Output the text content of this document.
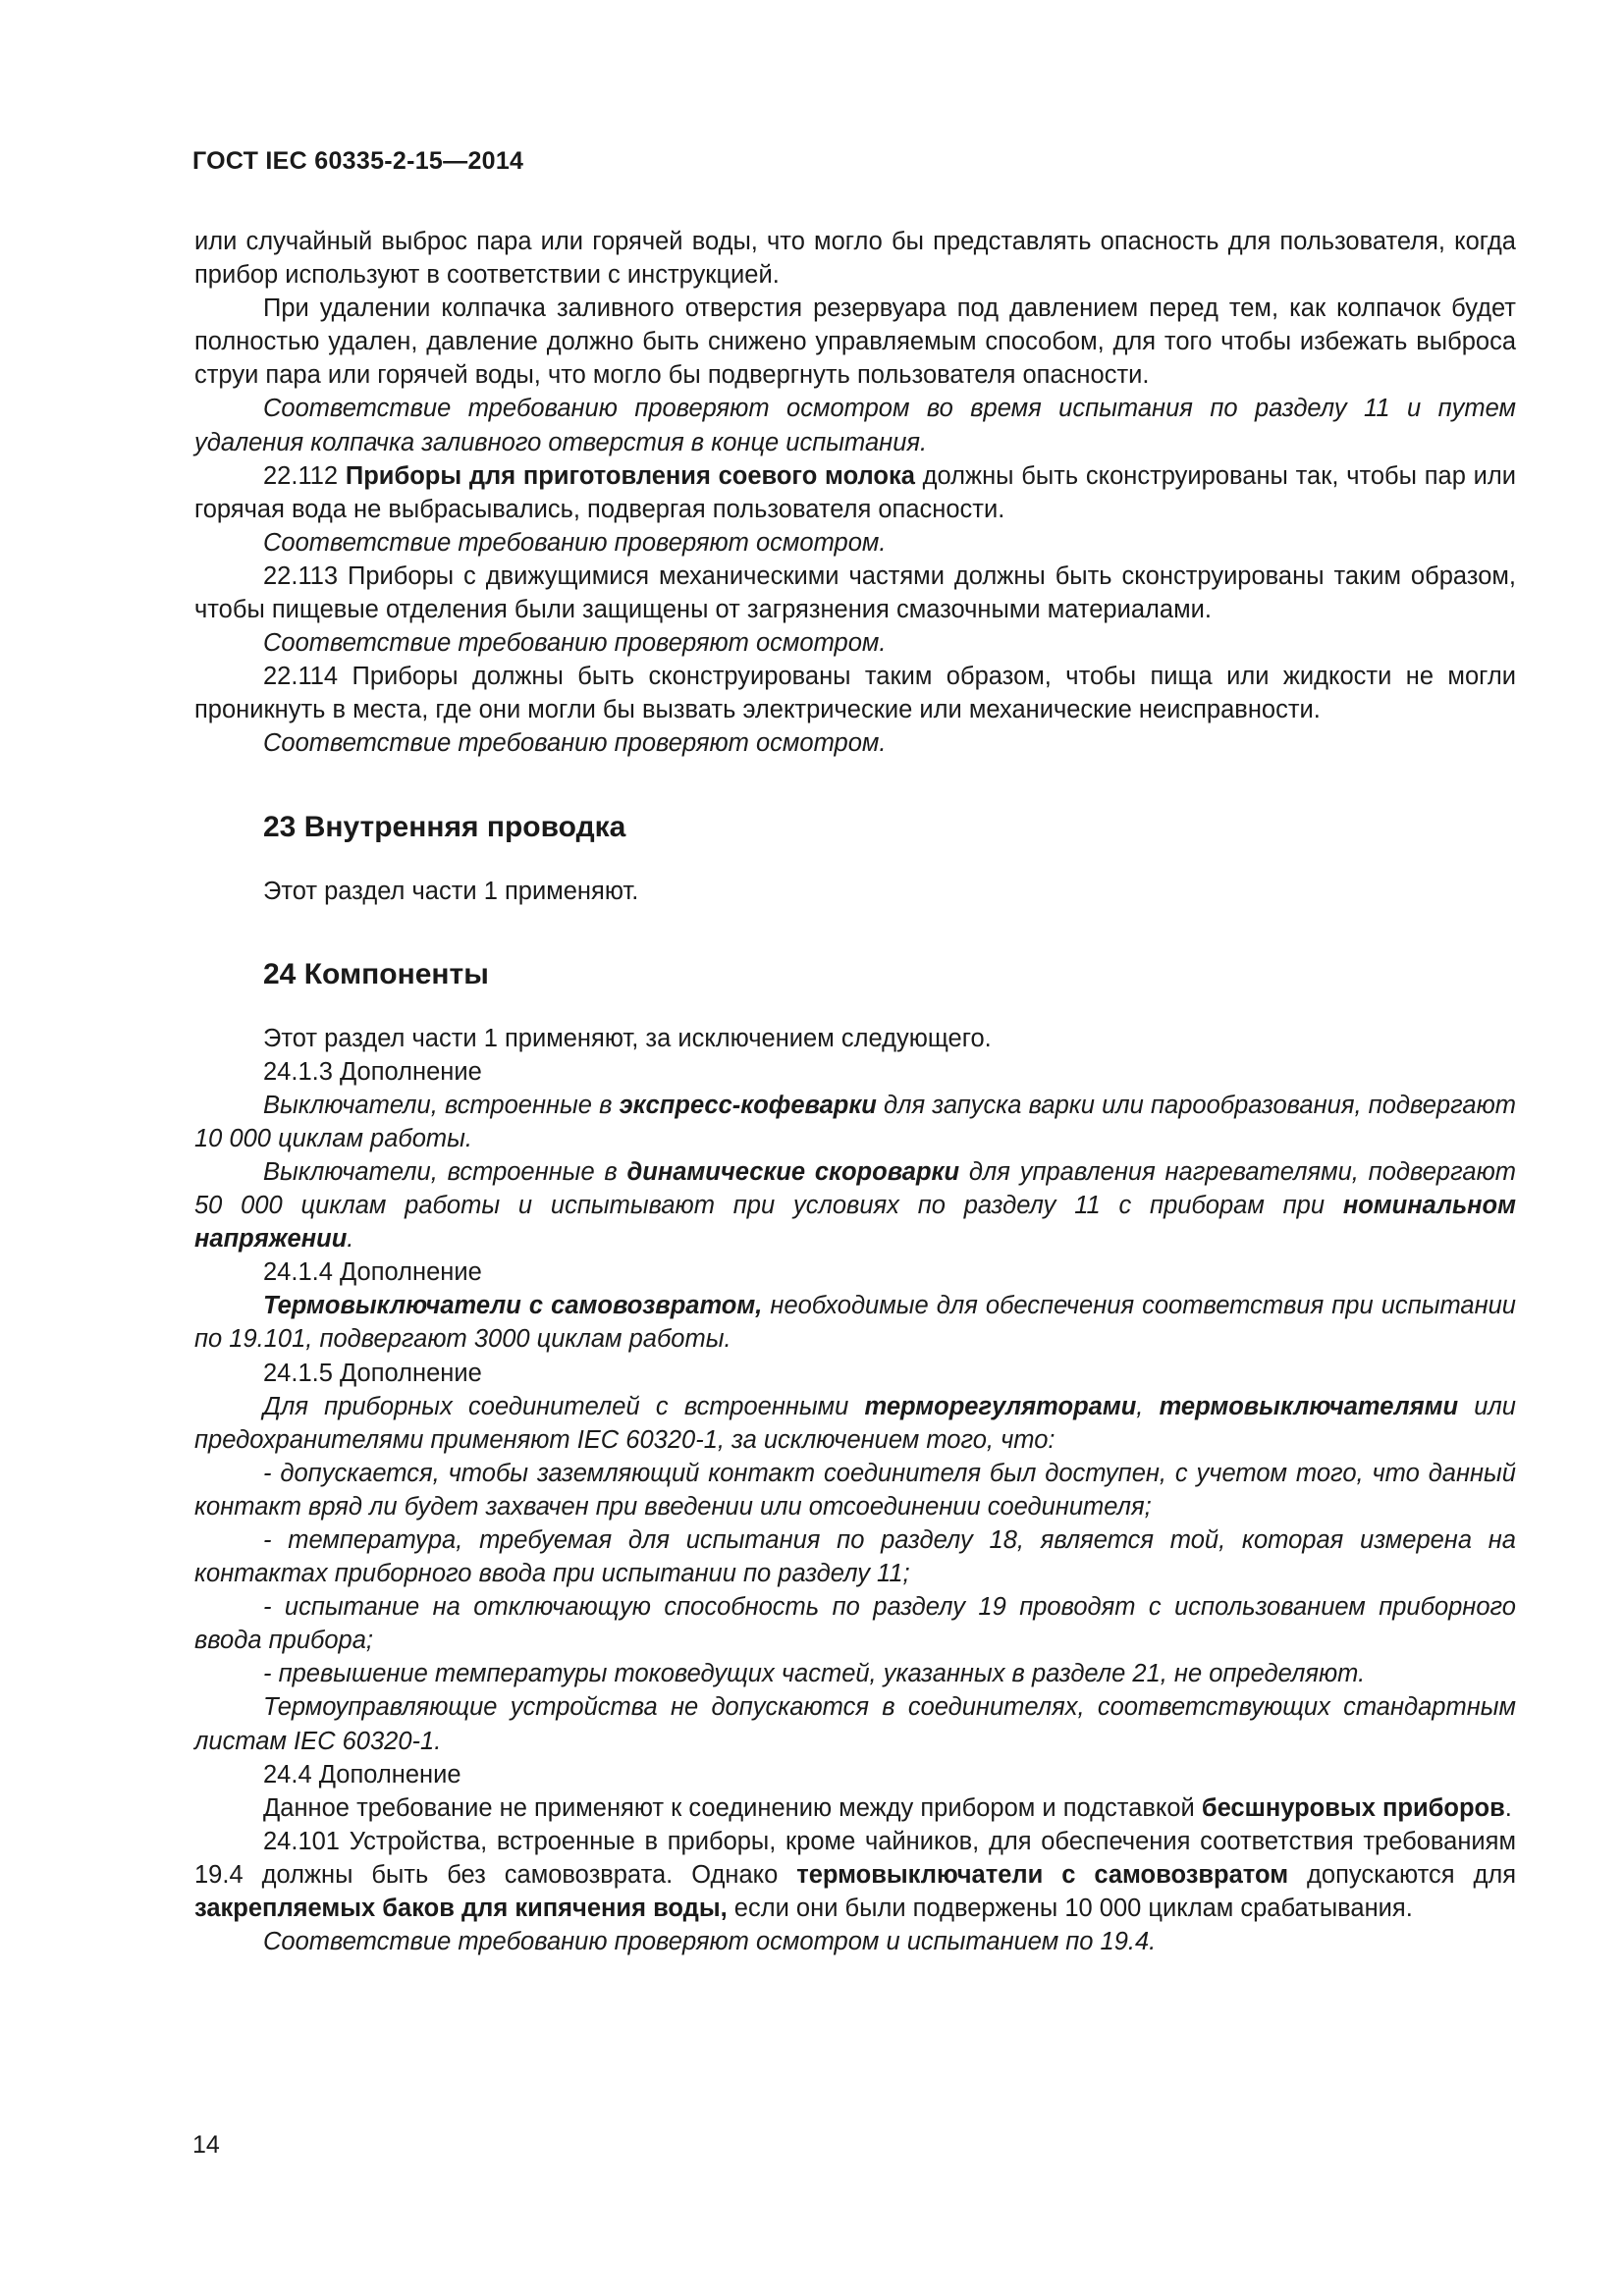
ГОСТ IEC 60335-2-15—2014

или случайный выброс пара или горячей воды, что могло бы представлять опасность для пользователя, когда прибор используют в соответствии с инструкцией.

При удалении колпачка заливного отверстия резервуара под давлением перед тем, как колпачок будет полностью удален, давление должно быть снижено управляемым способом, для того чтобы избежать выброса струи пара или горячей воды, что могло бы подвергнуть пользователя опасности.

Соответствие требованию проверяют осмотром во время испытания по разделу 11 и путем удаления колпачка заливного отверстия в конце испытания.

22.112 Приборы для приготовления соевого молока должны быть сконструированы так, чтобы пар или горячая вода не выбрасывались, подвергая пользователя опасности.

Соответствие требованию проверяют осмотром.

22.113 Приборы с движущимися механическими частями должны быть сконструированы таким образом, чтобы пищевые отделения были защищены от загрязнения смазочными материалами.

Соответствие требованию проверяют осмотром.

22.114 Приборы должны быть сконструированы таким образом, чтобы пища или жидкости не могли проникнуть в места, где они могли бы вызвать электрические или механические неисправности.

Соответствие требованию проверяют осмотром.

23 Внутренняя проводка

Этот раздел части 1 применяют.

24 Компоненты

Этот раздел части 1 применяют, за исключением следующего.

24.1.3 Дополнение

Выключатели, встроенные в экспресс-кофеварки для запуска варки или парообразования, подвергают 10 000 циклам работы.

Выключатели, встроенные в динамические скороварки для управления нагревателями, подвергают 50 000 циклам работы и испытывают при условиях по разделу 11 с приборам при номинальном напряжении.

24.1.4 Дополнение

Термовыключатели с самовозвратом, необходимые для обеспечения соответствия при испытании по 19.101, подвергают 3000 циклам работы.

24.1.5 Дополнение

Для приборных соединителей с встроенными терморегуляторами, термовыключателями или предохранителями применяют IEC 60320-1, за исключением того, что:

- допускается, чтобы заземляющий контакт соединителя был доступен, с учетом того, что данный контакт вряд ли будет захвачен при введении или отсоединении соединителя;

- температура, требуемая для испытания по разделу 18, является той, которая измерена на контактах приборного ввода при испытании по разделу 11;

- испытание на отключающую способность по разделу 19 проводят с использованием приборного ввода прибора;

- превышение температуры токоведущих частей, указанных в разделе 21, не определяют.

Термоуправляющие устройства не допускаются в соединителях, соответствующих стандартным листам IEC 60320-1.

24.4 Дополнение

Данное требование не применяют к соединению между прибором и подставкой бесшнуровых приборов.

24.101 Устройства, встроенные в приборы, кроме чайников, для обеспечения соответствия требованиям 19.4 должны быть без самовозврата. Однако термовыключатели с самовозвратом допускаются для закрепляемых баков для кипячения воды, если они были подвержены 10 000 циклам срабатывания.

Соответствие требованию проверяют осмотром и испытанием по 19.4.

14
